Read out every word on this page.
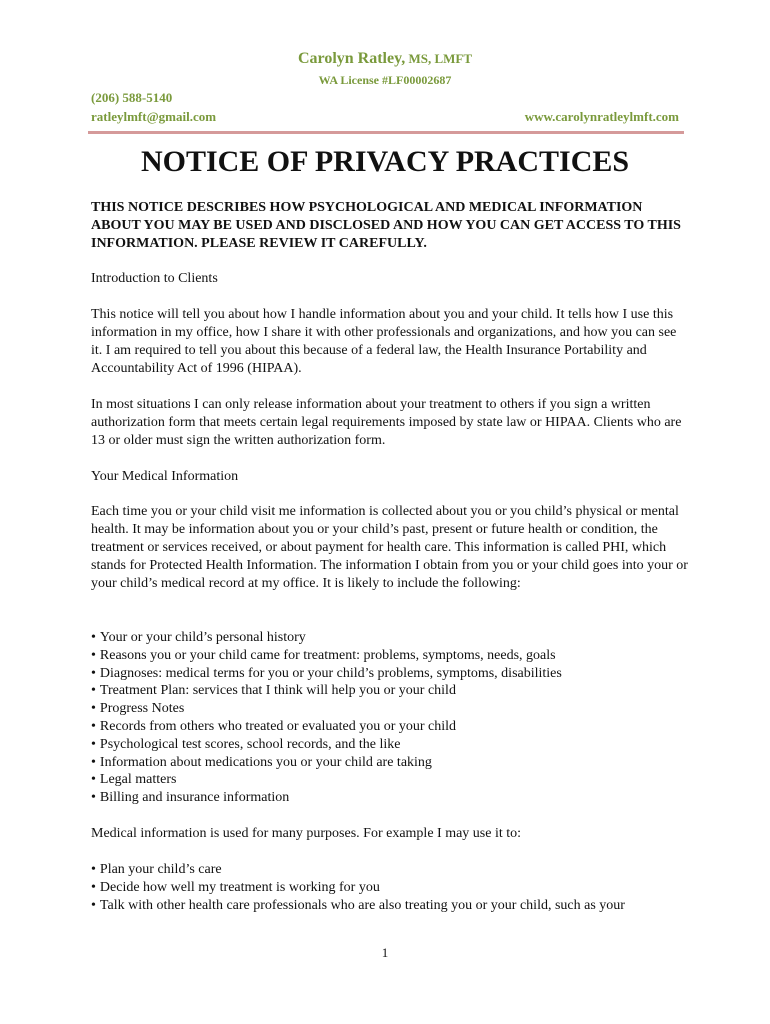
Carolyn Ratley, MS, LMFT
WA License #LF00002687
(206) 588-5140
ratleylmft@gmail.com	www.carolynratleylmft.com
NOTICE OF PRIVACY PRACTICES
THIS NOTICE DESCRIBES HOW PSYCHOLOGICAL AND MEDICAL INFORMATION ABOUT YOU MAY BE USED AND DISCLOSED AND HOW YOU CAN GET ACCESS TO THIS INFORMATION. PLEASE REVIEW IT CAREFULLY.
Introduction to Clients
This notice will tell you about how I handle information about you and your child. It tells how I use this information in my office, how I share it with other professionals and organizations, and how you can see it. I am required to tell you about this because of a federal law, the Health Insurance Portability and Accountability Act of 1996 (HIPAA).
In most situations I can only release information about your treatment to others if you sign a written authorization form that meets certain legal requirements imposed by state law or HIPAA. Clients who are 13 or older must sign the written authorization form.
Your Medical Information
Each time you or your child visit me information is collected about you or you child’s physical or mental health. It may be information about you or your child’s past, present or future health or condition, the treatment or services received, or about payment for health care. This information is called PHI, which stands for Protected Health Information. The information I obtain from you or your child goes into your or your child’s medical record at my office. It is likely to include the following:
• Your or your child’s personal history
• Reasons you or your child came for treatment: problems, symptoms, needs, goals
• Diagnoses: medical terms for you or your child’s problems, symptoms, disabilities
• Treatment Plan: services that I think will help you or your child
• Progress Notes
• Records from others who treated or evaluated you or your child
• Psychological test scores, school records, and the like
• Information about medications you or your child are taking
• Legal matters
• Billing and insurance information
Medical information is used for many purposes. For example I may use it to:
• Plan your child’s care
• Decide how well my treatment is working for you
• Talk with other health care professionals who are also treating you or your child, such as your
1
